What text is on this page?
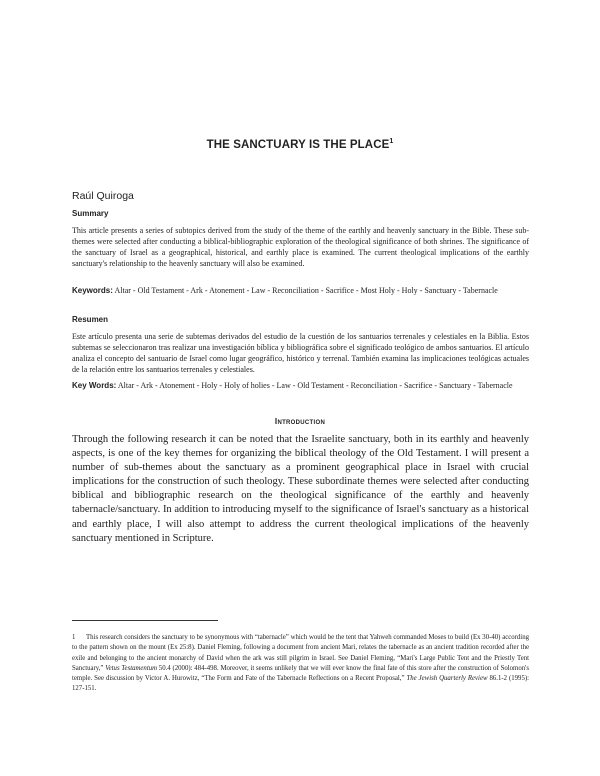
THE SANCTUARY IS THE PLACE$^1$
Raúl Quiroga
Summary

This article presents a series of subtopics derived from the study of the theme of the earthly and heavenly sanctuary in the Bible. These sub-themes were selected after conducting a biblical-bibliographic exploration of the theological significance of both shrines. The significance of the sanctuary of Israel as a geographical, historical, and earthly place is examined. The current theological implications of the earthly sanctuary's relationship to the heavenly sanctuary will also be examined.

Keywords: Altar - Old Testament - Ark - Atonement - Law - Reconciliation - Sacrifice - Most Holy - Holy - Sanctuary - Tabernacle

Resumen

Este artículo presenta una serie de subtemas derivados del estudio de la cuestión de los santuarios terrenales y celestiales en la Biblia. Estos subtemas se seleccionaron tras realizar una investigación bíblica y bibliográfica sobre el significado teológico de ambos santuarios. El artículo analiza el concepto del santuario de Israel como lugar geográfico, histórico y terrenal. También examina las implicaciones teológicas actuales de la relación entre los santuarios terrenales y celestiales.

Key Words: Altar - Ark - Atonement - Holy - Holy of holies - Law - Old Testament - Reconciliation - Sacrifice - Sanctuary - Tabernacle

Introduction

Through the following research it can be noted that the Israelite sanctuary, both in its earthly and heavenly aspects, is one of the key themes for organizing the biblical theology of the Old Testament. I will present a number of sub-themes about the sanctuary as a prominent geographical place in Israel with crucial implications for the construction of such theology. These subordinate themes were selected after conducting biblical and bibliographic research on the theological significance of the earthly and heavenly tabernacle/sanctuary. In addition to introducing myself to the significance of Israel's sanctuary as a historical and earthly place, I will also attempt to address the current theological implications of the heavenly sanctuary mentioned in Scripture.

1 This research considers the sanctuary to be synonymous with “tabernacle” which would be the tent that Yahweh commanded Moses to build (Ex 30-40) according to the pattern shown on the mount (Ex 25:8). Daniel Fleming, following a document from ancient Mari, relates the tabernacle as an ancient tradition recorded after the exile and belonging to the ancient monarchy of David when the ark was still pilgrim in Israel. See Daniel Fleming, “Mari's Large Public Tent and the Priestly Tent Sanctuary,” Vetus Testamentum 50.4 (2000): 484-498. Moreover, it seems unlikely that we will ever know the final fate of this store after the construction of Solomon's temple. See discussion by Victor A. Hurowitz, “The Form and Fate of the Tabernacle Reflections on a Recent Proposal,” The Jewish Quarterly Review 86.1-2 (1995): 127-151.
